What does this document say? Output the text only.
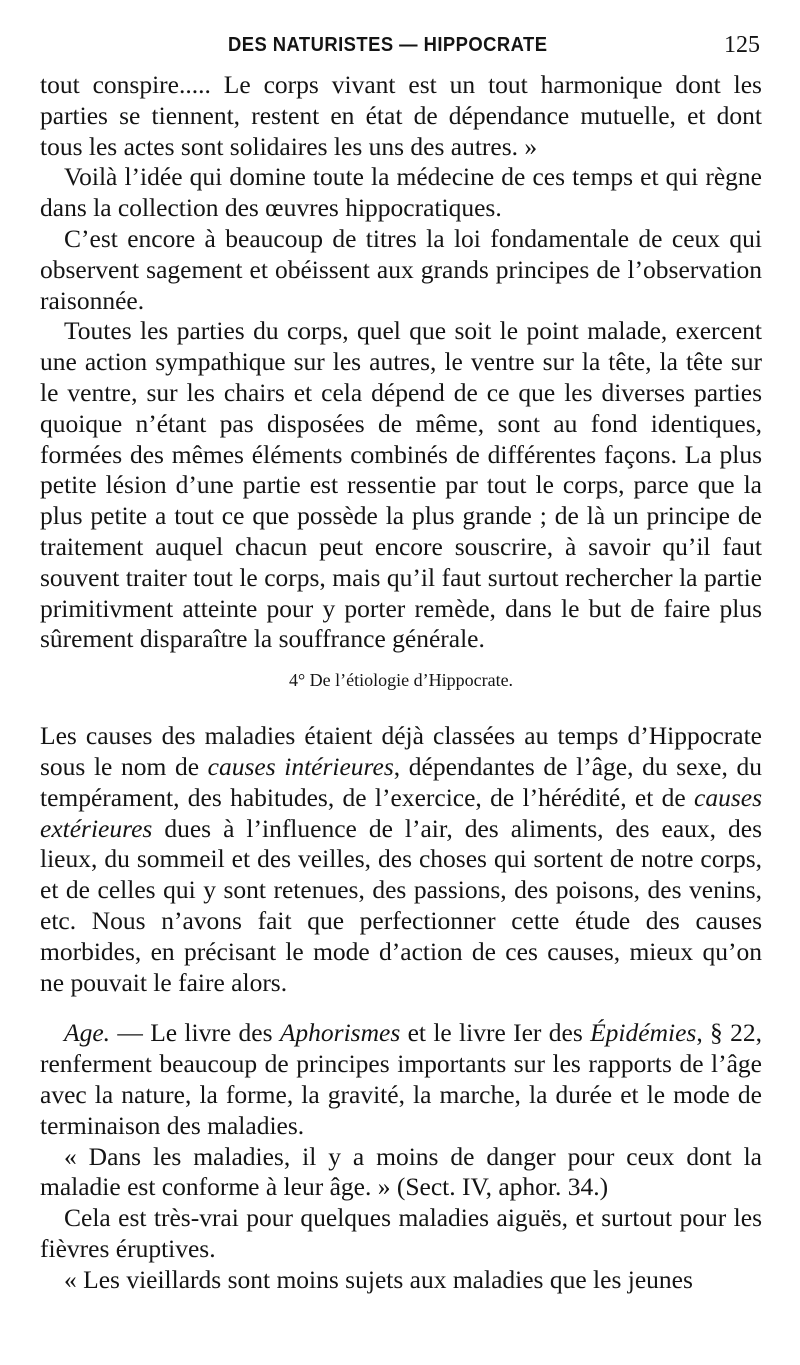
DES NATURISTES — HIPPOCRATE	125

tout conspire..... Le corps vivant est un tout harmonique dont les parties se tiennent, restent en état de dépendance mutuelle, et dont tous les actes sont solidaires les uns des autres. »

Voilà l’idée qui domine toute la médecine de ces temps et qui règne dans la collection des œuvres hippocratiques.

C’est encore à beaucoup de titres la loi fondamentale de ceux qui observent sagement et obéissent aux grands principes de l’observation raisonnée.

Toutes les parties du corps, quel que soit le point malade, exercent une action sympathique sur les autres, le ventre sur la tête, la tête sur le ventre, sur les chairs et cela dépend de ce que les diverses parties quoique n’étant pas disposées de même, sont au fond identiques, formées des mêmes éléments combinés de différentes façons. La plus petite lésion d’une partie est ressentie par tout le corps, parce que la plus petite a tout ce que possède la plus grande ; de là un principe de traitement auquel chacun peut encore souscrire, à savoir qu’il faut souvent traiter tout le corps, mais qu’il faut surtout rechercher la partie primitivment atteinte pour y porter remède, dans le but de faire plus sûrement disparaître la souffrance générale.

4° De l’étiologie d’Hippocrate.

Les causes des maladies étaient déjà classées au temps d’Hippocrate sous le nom de causes intérieures, dépendantes de l’âge, du sexe, du tempérament, des habitudes, de l’exercice, de l’hérédité, et de causes extérieures dues à l’influence de l’air, des aliments, des eaux, des lieux, du sommeil et des veilles, des choses qui sortent de notre corps, et de celles qui y sont retenues, des passions, des poisons, des venins, etc. Nous n’avons fait que perfectionner cette étude des causes morbides, en précisant le mode d’action de ces causes, mieux qu’on ne pouvait le faire alors.

Age. — Le livre des Aphorismes et le livre Ier des Épidémies, § 22, renferment beaucoup de principes importants sur les rapports de l’âge avec la nature, la forme, la gravité, la marche, la durée et le mode de terminaison des maladies.

« Dans les maladies, il y a moins de danger pour ceux dont la maladie est conforme à leur âge. » (Sect. IV, aphor. 34.)

Cela est très-vrai pour quelques maladies aiguës, et surtout pour les fièvres éruptives.

« Les vieillards sont moins sujets aux maladies que les jeunes
